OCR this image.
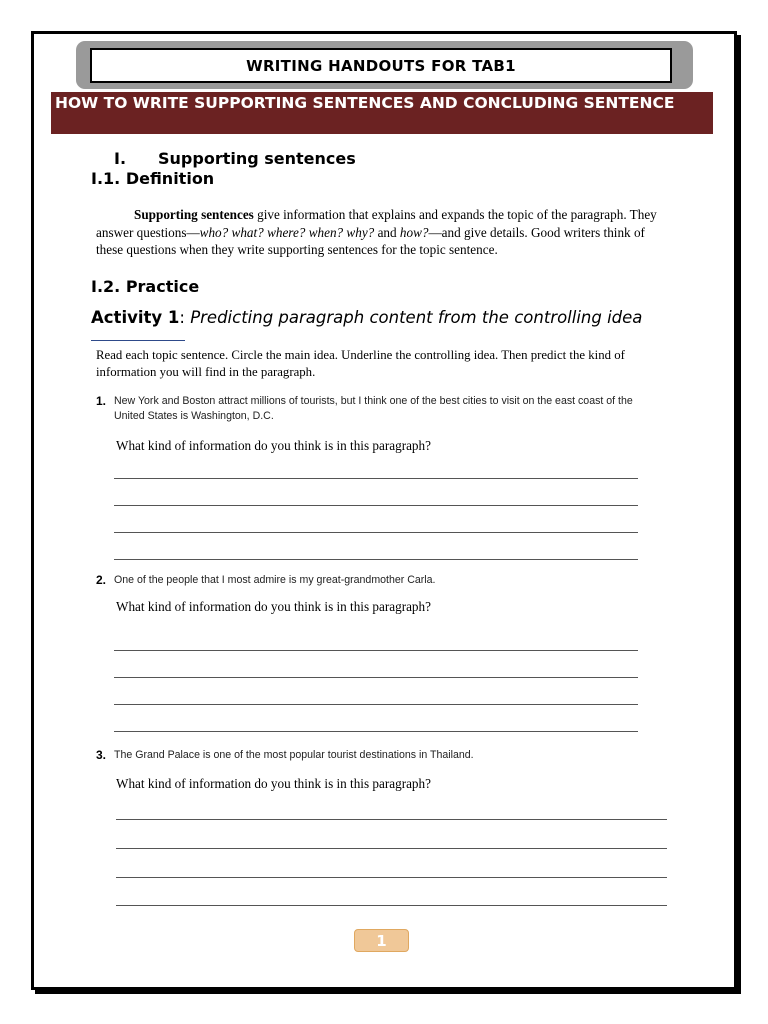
WRITING HANDOUTS FOR TAB1
HOW TO WRITE SUPPORTING SENTENCES AND CONCLUDING SENTENCE
I. Supporting sentences
I.1. Definition
Supporting sentences give information that explains and expands the topic of the paragraph. They answer questions—who? what? where? when? why? and how?—and give details. Good writers think of these questions when they write supporting sentences for the topic sentence.
I.2. Practice
Activity 1: Predicting paragraph content from the controlling idea
Read each topic sentence. Circle the main idea. Underline the controlling idea. Then predict the kind of information you will find in the paragraph.
1. New York and Boston attract millions of tourists, but I think one of the best cities to visit on the east coast of the United States is Washington, D.C.
What kind of information do you think is in this paragraph?
2. One of the people that I most admire is my great-grandmother Carla.
What kind of information do you think is in this paragraph?
3. The Grand Palace is one of the most popular tourist destinations in Thailand.
What kind of information do you think is in this paragraph?
1
